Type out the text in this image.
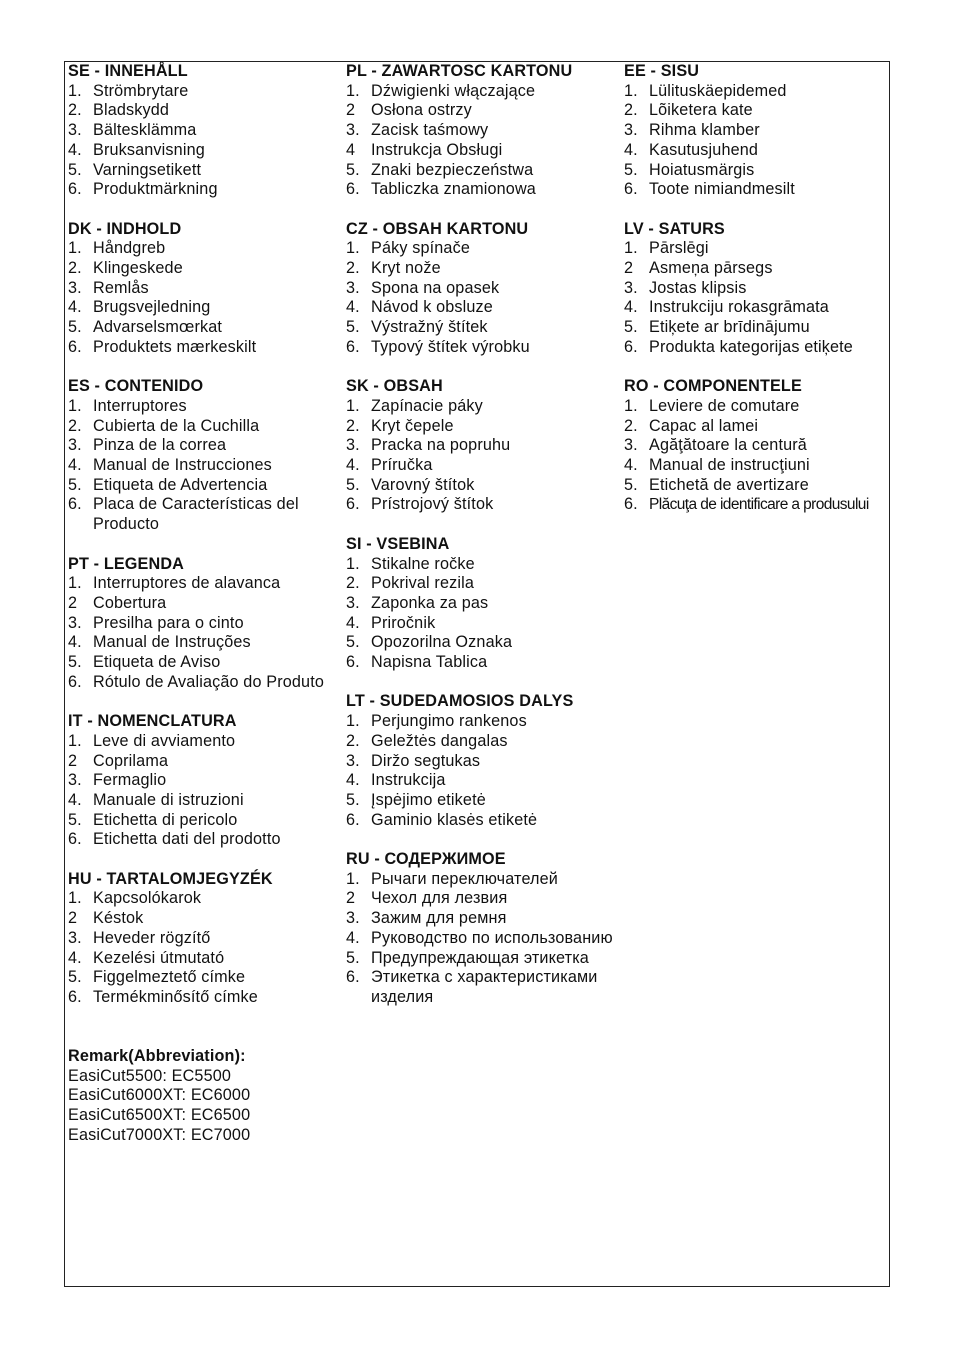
SE - INNEHÅLL
1. Strömbrytare
2. Bladskydd
3. Bältesklämma
4. Bruksanvisning
5. Varningsetikett
6. Produktmärkning
DK - INDHOLD
1. Håndgreb
2. Klingeskede
3. Remlås
4. Brugsvejledning
5. Advarselsmœrkat
6. Produktets mærkeskilt
ES - CONTENIDO
1. Interruptores
2. Cubierta de la Cuchilla
3. Pinza de la correa
4. Manual de Instrucciones
5. Etiqueta de Advertencia
6. Placa de Características del Producto
PT - LEGENDA
1. Interruptores de alavanca
2 Cobertura
3. Presilha para o cinto
4. Manual de Instruções
5. Etiqueta de Aviso
6. Rótulo de Avaliação do Produto
IT - NOMENCLATURA
1. Leve di avviamento
2 Coprilama
3. Fermaglio
4. Manuale di istruzioni
5. Etichetta di pericolo
6. Etichetta dati del prodotto
HU - TARTALOMJEGYZÉK
1. Kapcsolókarok
2 Késtok
3. Heveder rögzítő
4. Kezelési útmutató
5. Figgelmeztető címke
6. Termékminősítő címke
Remark(Abbreviation):
EasiCut5500: EC5500
EasiCut6000XT: EC6000
EasiCut6500XT: EC6500
EasiCut7000XT: EC7000
PL - ZAWARTOSC KARTONU
1. Dźwigienki włączające
2 Osłona ostrzy
3. Zacisk taśmowy
4 Instrukcja Obsługi
5. Znaki bezpieczeństwa
6. Tabliczka znamionowa
CZ - OBSAH KARTONU
1. Páky spínače
2. Kryt nože
3. Spona na opasek
4. Návod k obsluze
5. Výstražný štítek
6. Typový štítek výrobku
SK - OBSAH
1. Zapínacie páky
2. Kryt čepele
3. Pracka na popruhu
4. Príručka
5. Varovný štítok
6. Prístrojový štítok
SI - VSEBINA
1. Stikalne ročke
2. Pokrival rezila
3. Zaponka za pas
4. Priročnik
5. Opozorilna Oznaka
6. Napisna Tablica
LT - SUDEDAMOSIOS DALYS
1. Perjungimo rankenos
2. Geležtės dangalas
3. Diržo segtukas
4. Instrukcija
5. Įspėjimo etiketė
6. Gaminio klasės etiketė
RU - СОДЕРЖИМОЕ
1. Рычаги переключателей
2 Чехол для лезвия
3. Зажим для ремня
4. Руководство по использованию
5. Предупреждающая этикетка
6. Этикетка с характеристиками изделия
EE - SISU
1. Lülituskäepidemed
2. Lõiketera kate
3. Rihma klamber
4. Kasutusjuhend
5. Hoiatusmärgis
6. Toote nimiandmesilt
LV - SATURS
1. Pārslēgi
2 Asmeņa pārsegs
3. Jostas klipsis
4. Instrukciju rokasgrāmata
5. Etiķete ar brīdinājumu
6. Produkta kategorijas etiķete
RO - COMPONENTELE
1. Leviere de comutare
2. Capac al lamei
3. Agăţătoare la centură
4. Manual de instrucţiuni
5. Etichetă de avertizare
6. Plăcuţa de identificare a produsului
